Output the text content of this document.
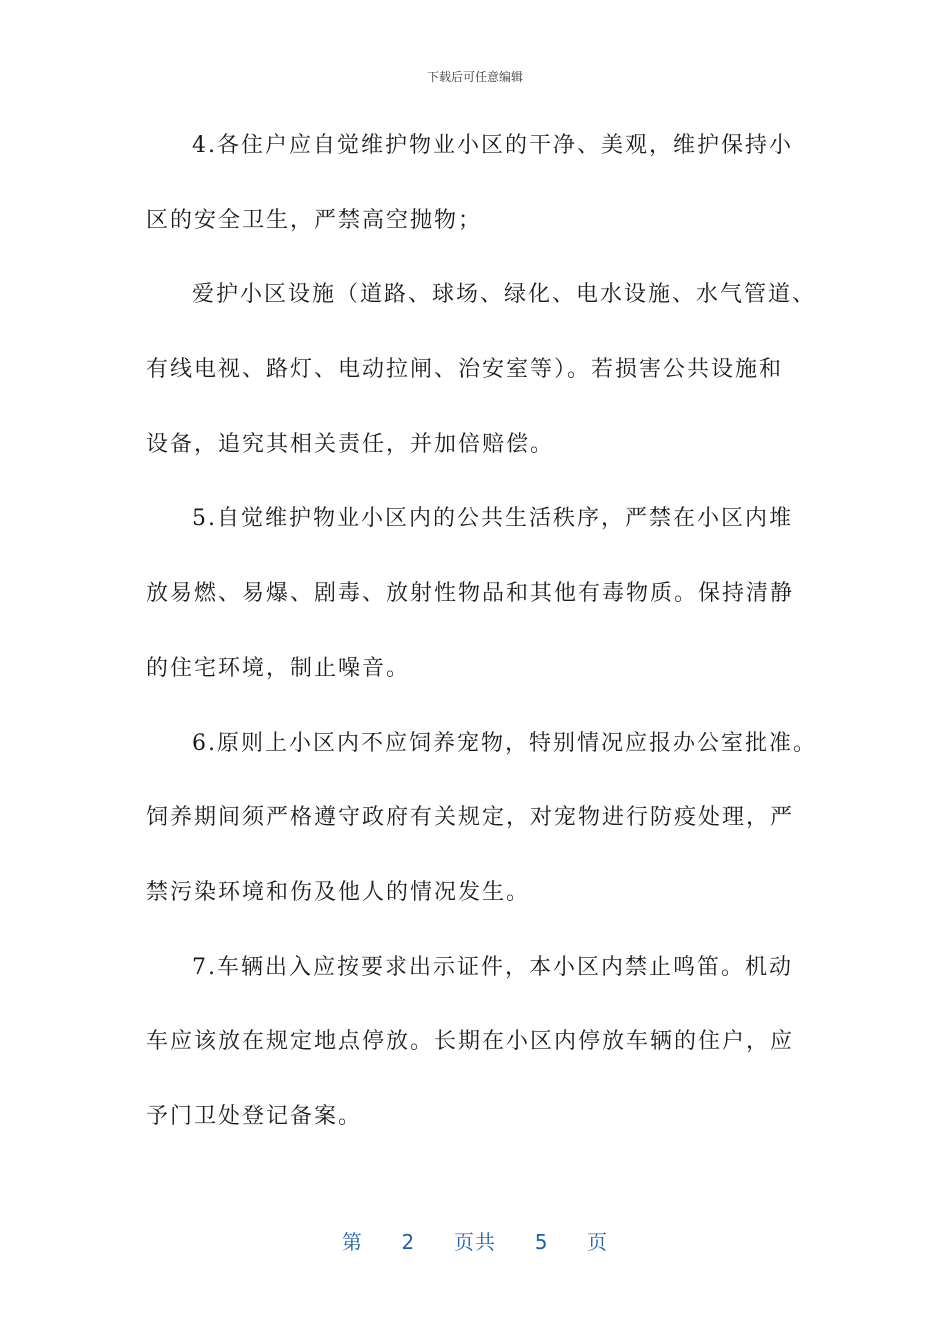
下载后可任意编辑
4.各住户应自觉维护物业小区的干净、美观，维护保持小
区的安全卫生，严禁高空抛物；
爱护小区设施（道路、球场、绿化、电水设施、水气管道、
有线电视、路灯、电动拉闸、治安室等）。若损害公共设施和
设备，追究其相关责任，并加倍赔偿。
5.自觉维护物业小区内的公共生活秩序，严禁在小区内堆
放易燃、易爆、剧毒、放射性物品和其他有毒物质。保持清静
的住宅环境，制止噪音。
6.原则上小区内不应饲养宠物，特别情况应报办公室批准。
饲养期间须严格遵守政府有关规定，对宠物进行防疫处理，严
禁污染环境和伤及他人的情况发生。
7.车辆出入应按要求出示证件，本小区内禁止鸣笛。机动
车应该放在规定地点停放。长期在小区内停放车辆的住户，应
予门卫处登记备案。
第 2 页共 5 页
